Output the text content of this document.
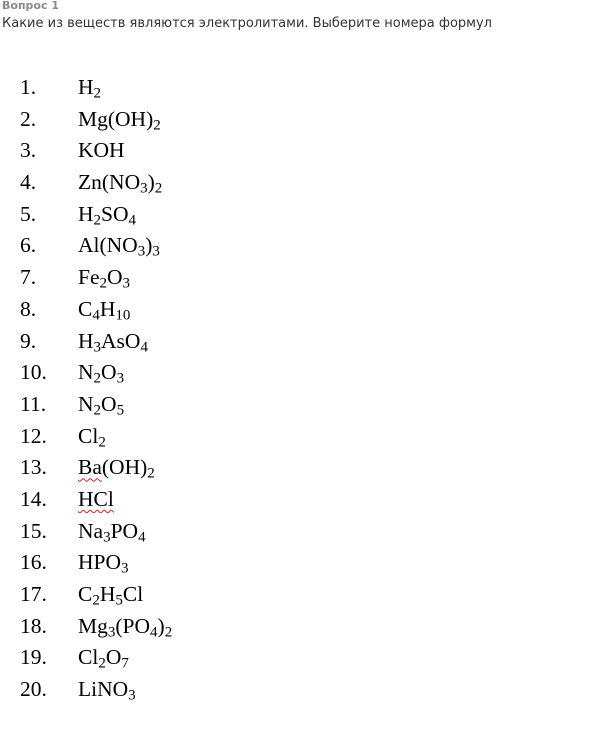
Вопрос 1
Какие из веществ являются электролитами. Выберите номера формул
1. $H_2$
2. $Mg(OH)_2$
3. KOH
4. $Zn(NO_3)_2$
5. $H_2SO_4$
6. $Al(NO_3)_3$
7. $Fe_2O_3$
8. $C_4H_{10}$
9. $H_3AsO_4$
10. $N_2O_3$
11. $N_2O_5$
12. $Cl_2$
13. $Ba(OH)_2$
14. HCl
15. $Na_3PO_4$
16. $HPO_3$
17. $C_2H_5Cl$
18. $Mg_3(PO_4)_2$
19. $Cl_2O_7$
20. LiNO$_3$
